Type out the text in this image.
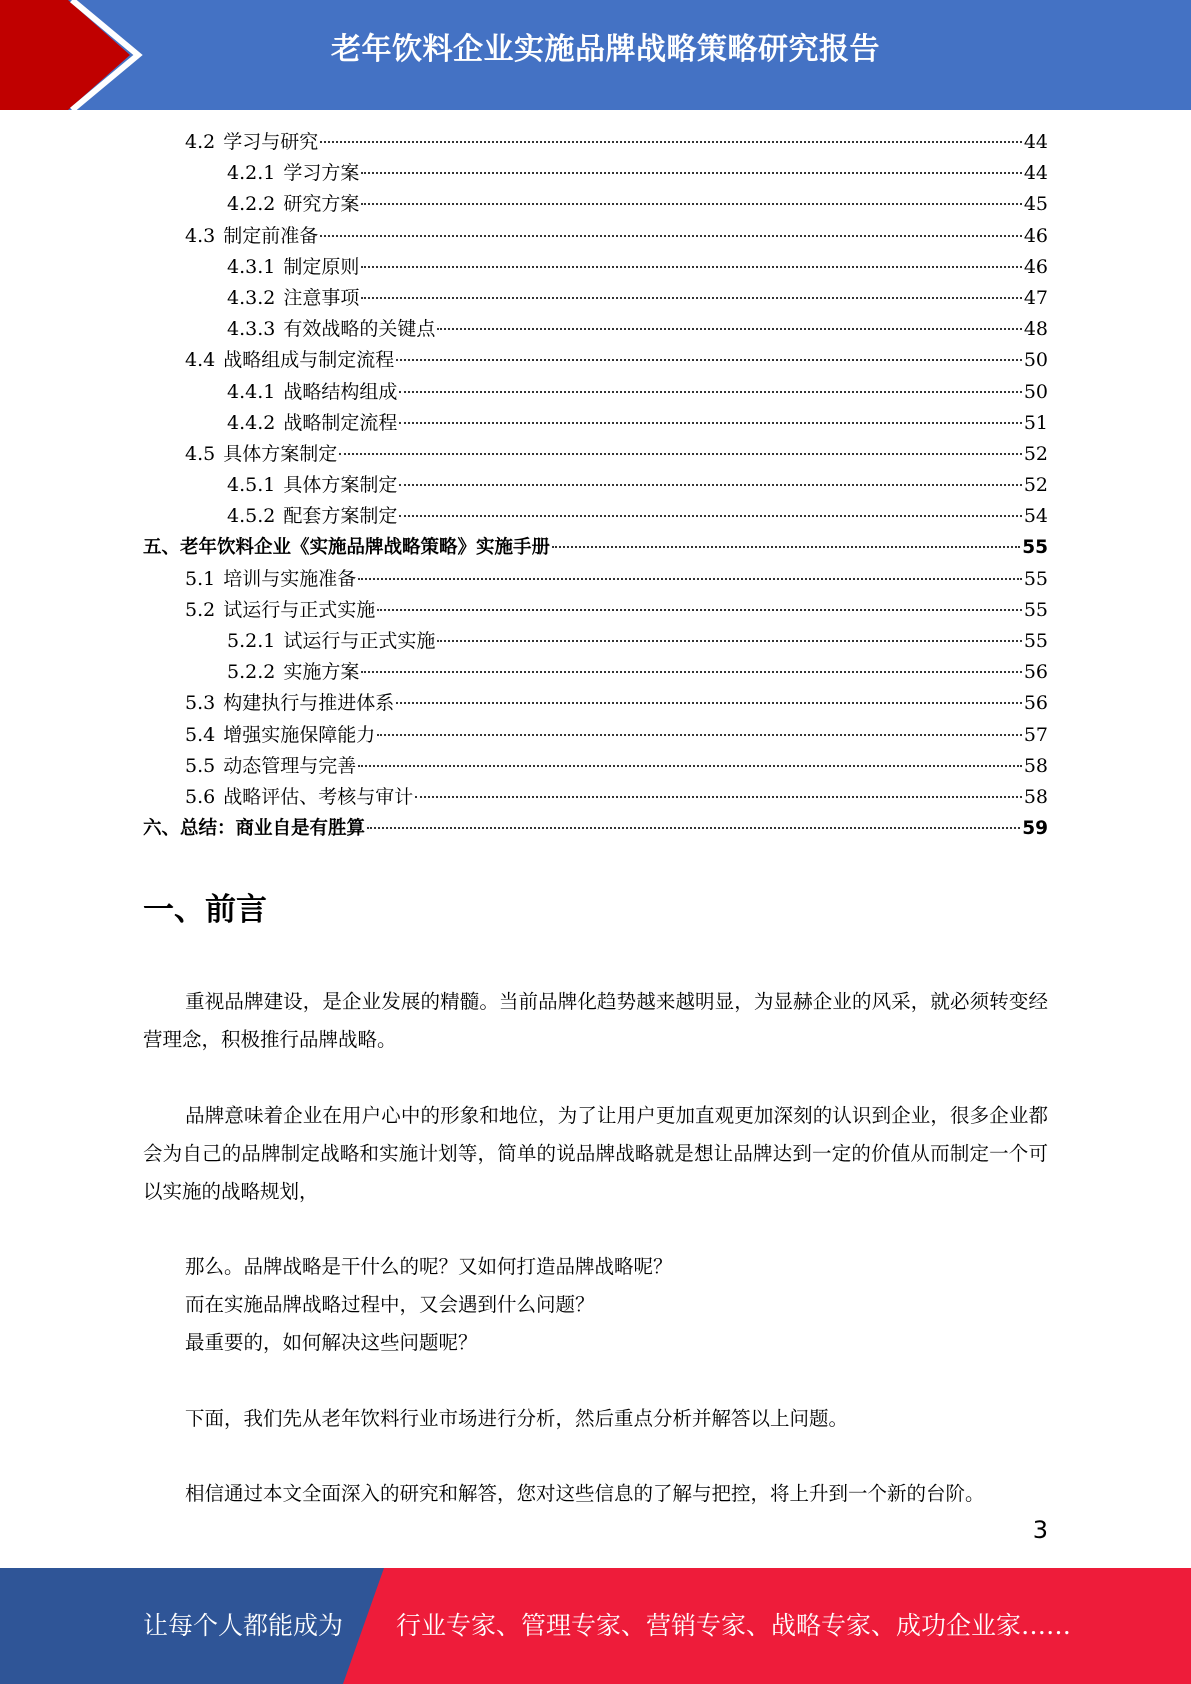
老年饮料企业实施品牌战略策略研究报告
4.2 学习与研究	44
4.2.1 学习方案	44
4.2.2 研究方案	45
4.3 制定前准备	46
4.3.1 制定原则	46
4.3.2 注意事项	47
4.3.3 有效战略的关键点	48
4.4 战略组成与制定流程	50
4.4.1 战略结构组成	50
4.4.2 战略制定流程	51
4.5 具体方案制定	52
4.5.1 具体方案制定	52
4.5.2 配套方案制定	54
五、老年饮料企业《实施品牌战略策略》实施手册	55
5.1 培训与实施准备	55
5.2 试运行与正式实施	55
5.2.1 试运行与正式实施	55
5.2.2 实施方案	56
5.3 构建执行与推进体系	56
5.4 增强实施保障能力	57
5.5 动态管理与完善	58
5.6 战略评估、考核与审计	58
六、总结：商业自是有胜算	59
一、前言
重视品牌建设，是企业发展的精髓。当前品牌化趋势越来越明显，为显赫企业的风采，就必须转变经营理念，积极推行品牌战略。
品牌意味着企业在用户心中的形象和地位，为了让用户更加直观更加深刻的认识到企业，很多企业都会为自己的品牌制定战略和实施计划等，简单的说品牌战略就是想让品牌达到一定的价值从而制定一个可以实施的战略规划，
那么。品牌战略是干什么的呢？又如何打造品牌战略呢？
而在实施品牌战略过程中，又会遇到什么问题？
最重要的，如何解决这些问题呢？
下面，我们先从老年饮料行业市场进行分析，然后重点分析并解答以上问题。
相信通过本文全面深入的研究和解答，您对这些信息的了解与把控，将上升到一个新的台阶。
3
让每个人都能成为 行业专家、管理专家、营销专家、战略专家、成功企业家……
